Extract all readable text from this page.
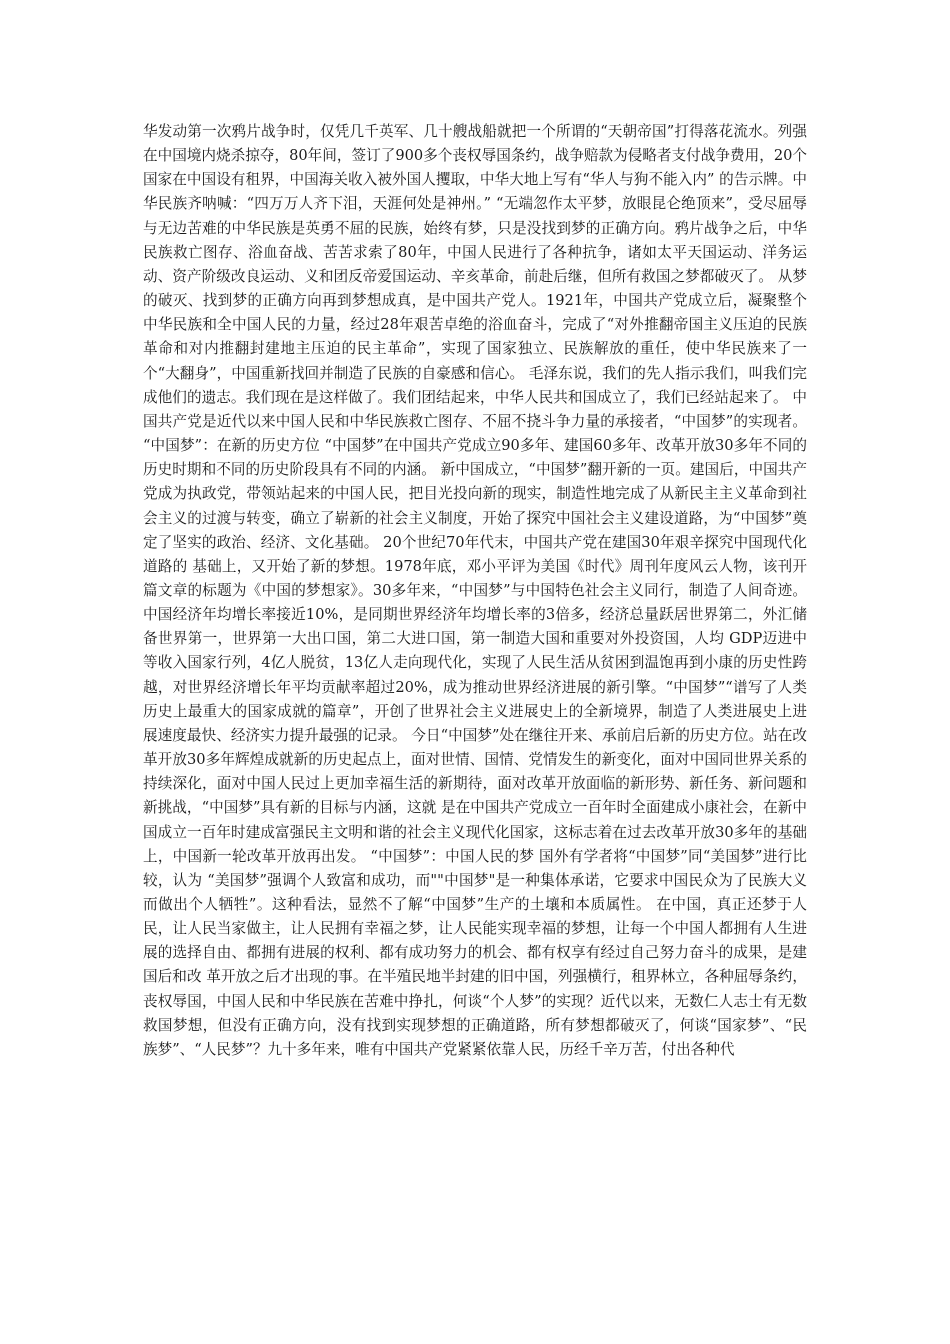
华发动第一次鸦片战争时，仅凭几千英军、几十艘战船就把一个所谓的“天朝帝国”打得落花流水。列强在中国境内烧杀掠夺，80年间，签订了900多个丧权辱国条约，战争赔款为侵略者支付战争费用，20个国家在中国设有租界，中国海关收入被外国人攫取，中华大地上写有“华人与狗不能入内” 的告示牌。中华民族齐呐喊：“四万万人齐下泪，天涯何处是神州。” “无端忽作太平梦，放眼昆仑绝顶来”，受尽屈辱与无边苦难的中华民族是英勇不屈的民族，始终有梦，只是没找到梦的正确方向。鸦片战争之后，中华民族救亡图存、浴血奋战、苦苦求索了80年，中国人民进行了各种抗争，诸如太平天国运动、洋务运动、资产阶级改良运动、义和团反帝爱国运动、辛亥革命，前赴后继，但所有救国之梦都破灭了。 从梦的破灭、找到梦的正确方向再到梦想成真，是中国共产党人。1921年，中国共产党成立后，凝聚整个中华民族和全中国人民的力量，经过28年艰苦卓绝的浴血奋斗，完成了“对外推翻帝国主义压迫的民族革命和对内推翻封建地主压迫的民主革命”，实现了国家独立、民族解放的重任，使中华民族来了一个“大翻身”，中国重新找回并制造了民族的自豪感和信心。 毛泽东说，我们的先人指示我们，叫我们完成他们的遗志。我们现在是这样做了。我们团结起来，中华人民共和国成立了，我们已经站起来了。 中国共产党是近代以来中国人民和中华民族救亡图存、不屈不挠斗争力量的承接者，“中国梦”的实现者。 “中国梦”：在新的历史方位 “中国梦”在中国共产党成立90多年、建国60多年、改革开放30多年不同的历史时期和不同的历史阶段具有不同的内涵。 新中国成立，“中国梦”翻开新的一页。建国后，中国共产党成为执政党，带领站起来的中国人民，把目光投向新的现实，制造性地完成了从新民主主义革命到社会主义的过渡与转变，确立了崭新的社会主义制度，开始了探究中国社会主义建设道路，为“中国梦”奠定了坚实的政治、经济、文化基础。 20个世纪70年代末，中国共产党在建国30年艰辛探究中国现代化道路的 基础上，又开始了新的梦想。1978年底，邓小平评为美国《时代》周刊年度风云人物，该刊开篇文章的标题为《中国的梦想家》。30多年来，“中国梦”与中国特色社会主义同行，制造了人间奇迹。中国经济年均增长率接近10%，是同期世界经济年均增长率的3倍多，经济总量跃居世界第二，外汇储备世界第一，世界第一大出口国，第二大进口国，第一制造大国和重要对外投资国，人均 GDP迈进中等收入国家行列，4亿人脱贫，13亿人走向现代化，实现了人民生活从贫困到温饱再到小康的历史性跨越，对世界经济增长年平均贡献率超过20%，成为推动世界经济进展的新引擎。“中国梦”“谱写了人类历史上最重大的国家成就的篇章”，开创了世界社会主义进展史上的全新境界，制造了人类进展史上进展速度最快、经济实力提升最强的记录。 今日“中国梦”处在继往开来、承前启后新的历史方位。站在改革开放30多年辉煌成就新的历史起点上，面对世情、国情、党情发生的新变化，面对中国同世界关系的持续深化，面对中国人民过上更加幸福生活的新期待，面对改革开放面临的新形势、新任务、新问题和新挑战，“中国梦”具有新的目标与内涵，这就 是在中国共产党成立一百年时全面建成小康社会，在新中国成立一百年时建成富强民主文明和谐的社会主义现代化国家，这标志着在过去改革开放30多年的基础上，中国新一轮改革开放再出发。 “中国梦”：中国人民的梦 国外有学者将“中国梦”同“美国梦”进行比较，认为 “美国梦”强调个人致富和成功，而""中国梦"是一种集体承诺，它要求中国民众为了民族大义而做出个人牺牲”。这种看法，显然不了解“中国梦”生产的土壤和本质属性。 在中国，真正还梦于人民，让人民当家做主，让人民拥有幸福之梦，让人民能实现幸福的梦想，让每一个中国人都拥有人生进展的选择自由、都拥有进展的权利、都有成功努力的机会、都有权享有经过自己努力奋斗的成果，是建国后和改 革开放之后才出现的事。在半殖民地半封建的旧中国，列强横行，租界林立，各种屈辱条约，丧权辱国，中国人民和中华民族在苦难中挣扎，何谈“个人梦”的实现？近代以来，无数仁人志士有无数救国梦想，但没有正确方向，没有找到实现梦想的正确道路，所有梦想都破灭了，何谈“国家梦”、“民族梦”、“人民梦”？九十多年来，唯有中国共产党紧紧依靠人民，历经千辛万苦，付出各种代
